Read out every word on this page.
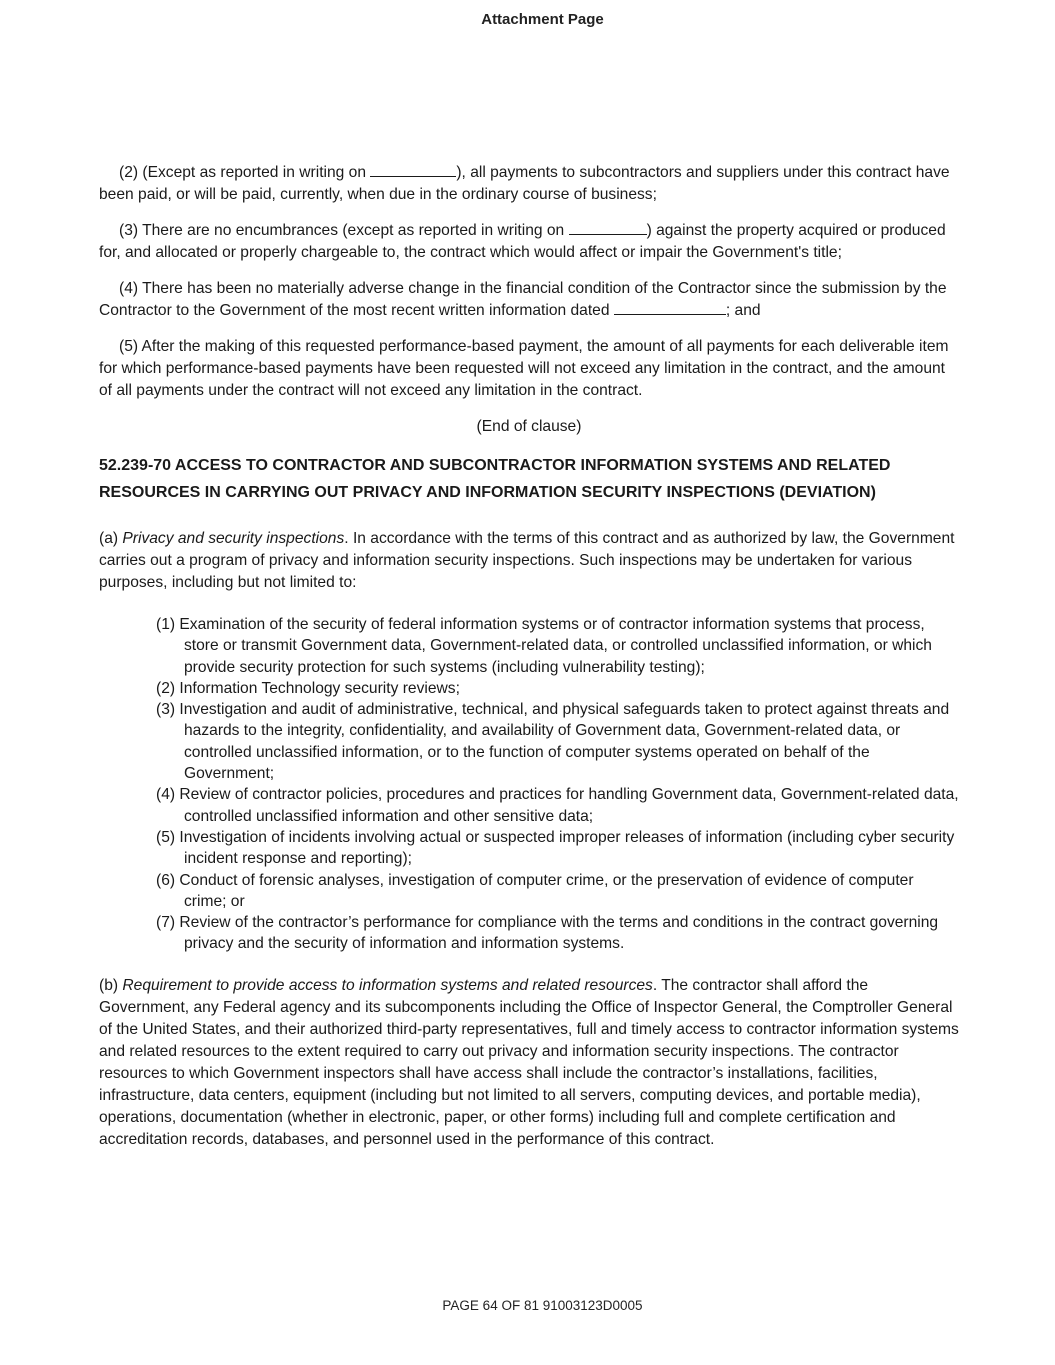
Attachment Page

(2) (Except as reported in writing on	), all payments to subcontractors and suppliers under this contract have been paid, or will be paid, currently, when due in the ordinary course of business;

(3) There are no encumbrances (except as reported in writing on	) against the property acquired or produced for, and allocated or properly chargeable to, the contract which would affect or impair the Government's title;

(4) There has been no materially adverse change in the financial condition of the Contractor since the submission by the Contractor to the Government of the most recent written information dated	; and

(5) After the making of this requested performance-based payment, the amount of all payments for each deliverable item for which performance-based payments have been requested will not exceed any limitation in the contract, and the amount of all payments under the contract will not exceed any limitation in the contract.

(End of clause)

52.239-70 ACCESS TO CONTRACTOR AND SUBCONTRACTOR INFORMATION SYSTEMS AND RELATED
RESOURCES IN CARRYING OUT PRIVACY AND INFORMATION SECURITY INSPECTIONS (DEVIATION)

(a) Privacy and security inspections. In accordance with the terms of this contract and as authorized by law, the Government carries out a program of privacy and information security inspections. Such inspections may be undertaken for various purposes, including but not limited to:

(1) Examination of the security of federal information systems or of contractor information systems that process, store or transmit Government data, Government-related data, or controlled unclassified information, or which provide security protection for such systems (including vulnerability testing);
(2) Information Technology security reviews;
(3) Investigation and audit of administrative, technical, and physical safeguards taken to protect against threats and hazards to the integrity, confidentiality, and availability of Government data, Government-related data, or controlled unclassified information, or to the function of computer systems operated on behalf of the Government;
(4) Review of contractor policies, procedures and practices for handling Government data, Government-related data, controlled unclassified information and other sensitive data;
(5) Investigation of incidents involving actual or suspected improper releases of information (including cyber security incident response and reporting);
(6) Conduct of forensic analyses, investigation of computer crime, or the preservation of evidence of computer crime; or
(7) Review of the contractor’s performance for compliance with the terms and conditions in the contract governing privacy and the security of information and information systems.

(b) Requirement to provide access to information systems and related resources. The contractor shall afford the Government, any Federal agency and its subcomponents including the Office of Inspector General, the Comptroller General of the United States, and their authorized third-party representatives, full and timely access to contractor information systems and related resources to the extent required to carry out privacy and information security inspections. The contractor resources to which Government inspectors shall have access shall include the contractor’s installations, facilities, infrastructure, data centers, equipment (including but not limited to all servers, computing devices, and portable media), operations, documentation (whether in electronic, paper, or other forms) including full and complete certification and accreditation records, databases, and personnel used in the performance of this contract.

PAGE 64 OF 81 91003123D0005
